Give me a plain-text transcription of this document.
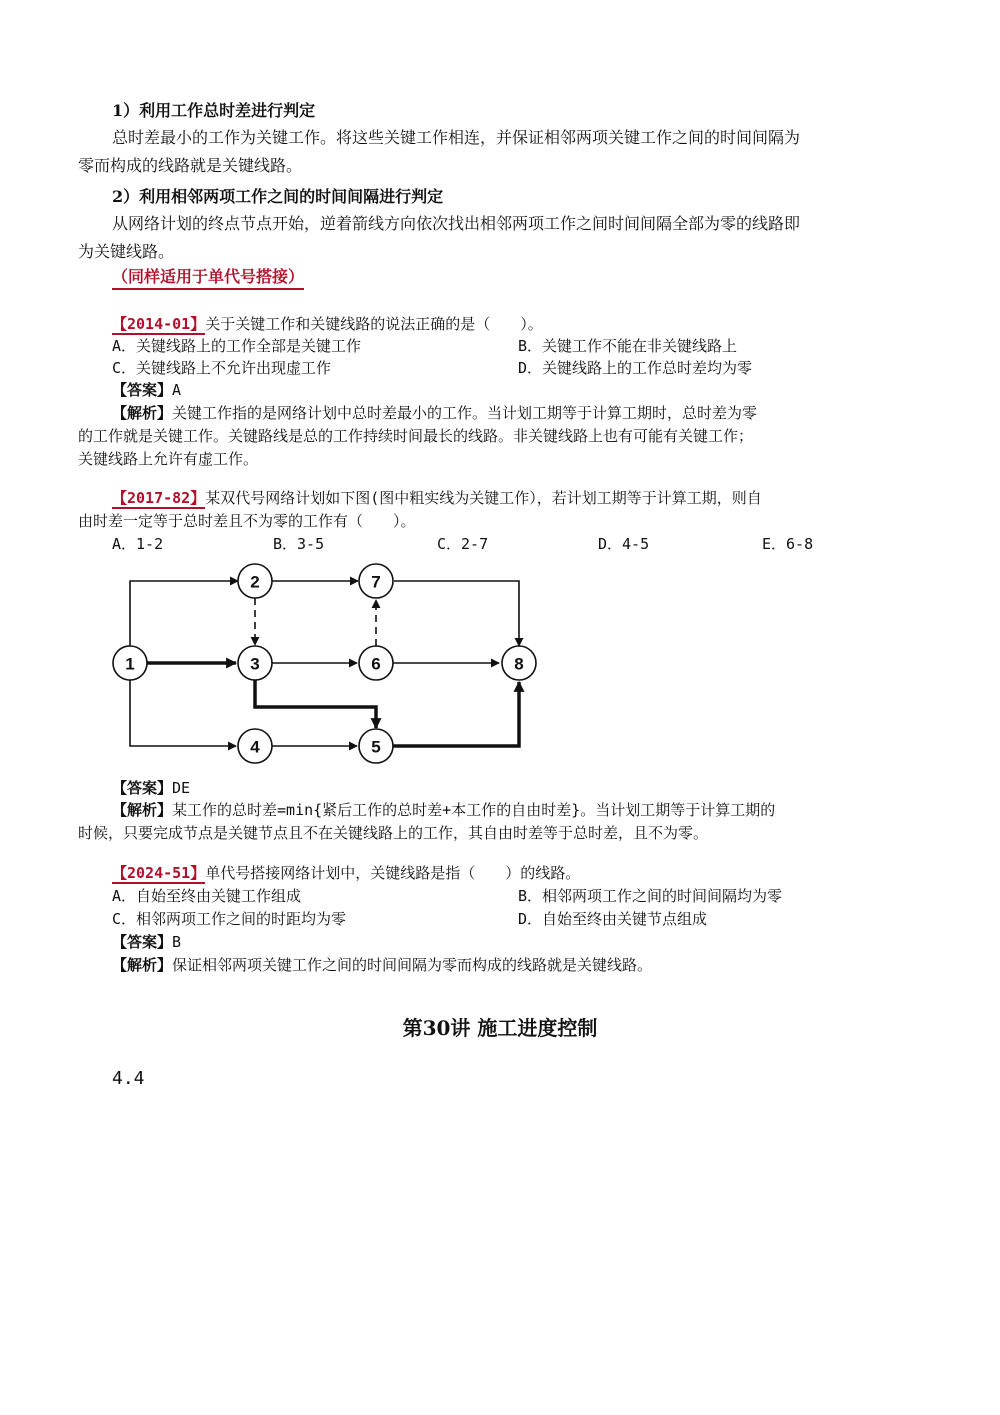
1）利用工作总时差进行判定
总时差最小的工作为关键工作。将这些关键工作相连，并保证相邻两项关键工作之间的时间间隔为
零而构成的线路就是关键线路。
2）利用相邻两项工作之间的时间间隔进行判定
从网络计划的终点节点开始，逆着箭线方向依次找出相邻两项工作之间时间间隔全部为零的线路即
为关键线路。
（同样适用于单代号搭接）
【2014-01】关于关键工作和关键线路的说法正确的是（　　）。
A．关键线路上的工作全部是关键工作	B．关键工作不能在非关键线路上
C．关键线路上不允许出现虚工作	D．关键线路上的工作总时差均为零
【答案】A
【解析】关键工作指的是网络计划中总时差最小的工作。当计划工期等于计算工期时，总时差为零
的工作就是关键工作。关键路线是总的工作持续时间最长的线路。非关键线路上也有可能有关键工作；
关键线路上允许有虚工作。
【2017-82】某双代号网络计划如下图(图中粗实线为关键工作），若计划工期等于计算工期，则自
由时差一定等于总时差且不为零的工作有（　　）。
A．1-2	B．3-5	C．2-7	D．4-5	E．6-8
1
2
3
4	5
6
7
8
【答案】DE
【解析】某工作的总时差=min{紧后工作的总时差+本工作的自由时差}。当计划工期等于计算工期的
时候，只要完成节点是关键节点且不在关键线路上的工作，其自由时差等于总时差，且不为零。
【2024-51】单代号搭接网络计划中，关键线路是指（　　）的线路。
A．自始至终由关键工作组成	B．相邻两项工作之间的时间间隔均为零
C．相邻两项工作之间的时距均为零	D．自始至终由关键节点组成
【答案】B
【解析】保证相邻两项关键工作之间的时间间隔为零而构成的线路就是关键线路。
第30讲 施工进度控制
4.4
